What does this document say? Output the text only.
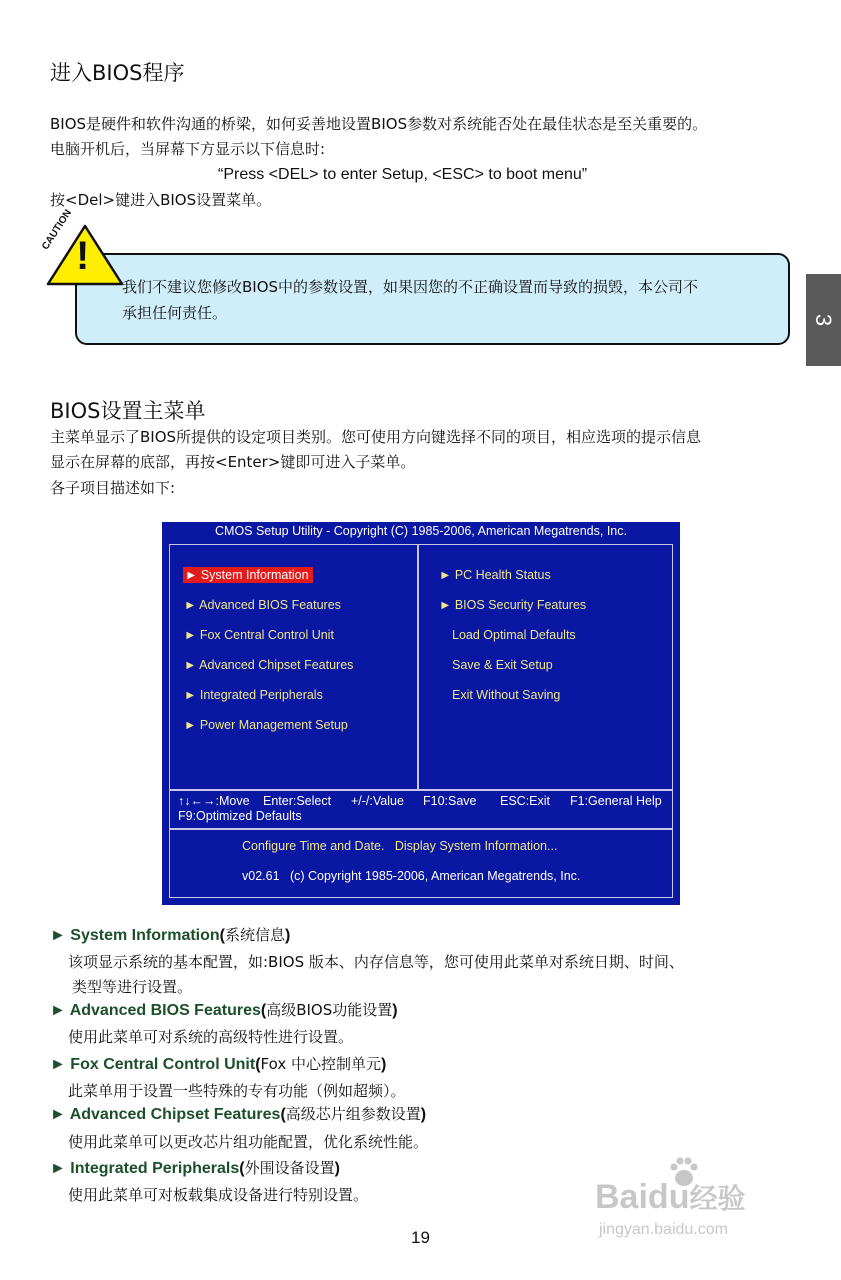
进入BIOS程序
BIOS是硬件和软件沟通的桥梁，如何妥善地设置BIOS参数对系统能否处在最佳状态是至关重要的。
电脑开机后，当屏幕下方显示以下信息时:
“Press <DEL> to enter Setup, <ESC> to boot menu”
按<Del>键进入BIOS设置菜单。
!
CAUTION
我们不建议您修改BIOS中的参数设置，如果因您的不正确设置而导致的损毁，本公司不
承担任何责任。	3
BIOS设置主菜单
主菜单显示了BIOS所提供的设定项目类别。您可使用方向键选择不同的项目，相应选项的提示信息
显示在屏幕的底部，再按<Enter>键即可进入子菜单。
各子项目描述如下:
CMOS Setup Utility - Copyright (C) 1985-2006, American Megatrends, Inc.
► System Information
► Advanced BIOS Features
► Fox Central Control Unit
► Advanced Chipset Features
► Integrated Peripherals
► Power Management Setup
► PC Health Status
► BIOS Security Features
Load Optimal Defaults
Save & Exit Setup
Exit Without Saving
↑↓←→:Move Enter:Select +/-/:Value F10:Save ESC:Exit F1:General Help
F9:Optimized Defaults
Configure Time and Date.   Display System Information...
v02.61   (c) Copyright 1985-2006, American Megatrends, Inc.
► System Information(系统信息)
该项显示系统的基本配置，如:BIOS 版本、内存信息等，您可使用此菜单对系统日期、时间、
类型等进行设置。
► Advanced BIOS Features(高级BIOS功能设置)
使用此菜单可对系统的高级特性进行设置。
► Fox Central Control Unit(Fox 中心控制单元)
此菜单用于设置一些特殊的专有功能（例如超频）。
► Advanced Chipset Features(高级芯片组参数设置)
使用此菜单可以更改芯片组功能配置，优化系统性能。
► Integrated Peripherals(外围设备设置)
使用此菜单可对板载集成设备进行特别设置。	Baidu经验
jingyan.baidu.com
19
